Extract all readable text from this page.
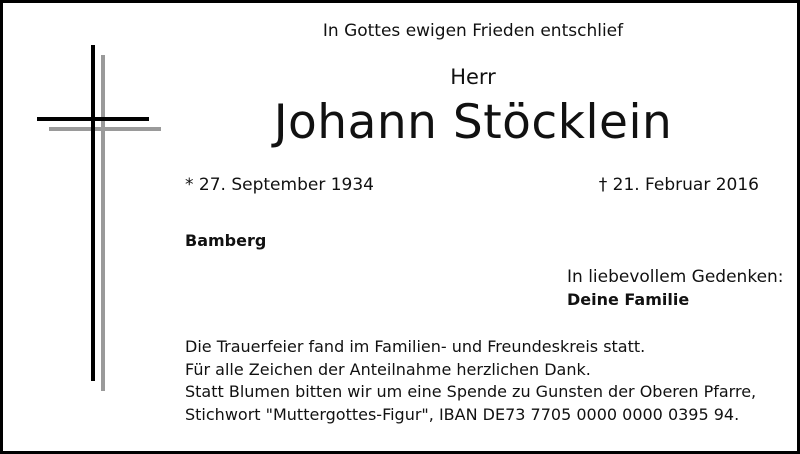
In Gottes ewigen Frieden entschlief
Herr
Johann Stöcklein
* 27. September 1934	† 21. Februar 2016
Bamberg
In liebevollem Gedenken:
Deine Familie
Die Trauerfeier fand im Familien- und Freundeskreis statt.
Für alle Zeichen der Anteilnahme herzlichen Dank.
Statt Blumen bitten wir um eine Spende zu Gunsten der Oberen Pfarre,
Stichwort "Muttergottes-Figur", IBAN DE73 7705 0000 0000 0395 94.
